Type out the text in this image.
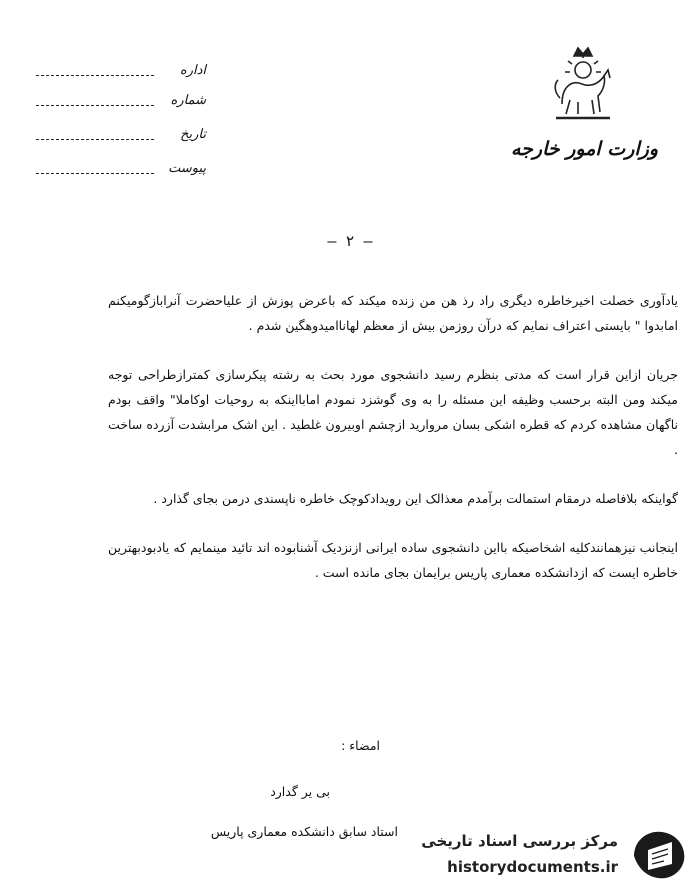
اداره
شماره
تاریخ
پیوست
وزارت امور خارجه
— ۲ —

یادآوری خصلت اخیرخاطره دیگری راد رذ هن من زنده میکند که باعرض پوزش از علیاحضرت آنرابازگومیکنم امابدوا " بایستی اعتراف نمایم که درآن روزمن بیش از معظم لهاناامیدوهگین شدم .

جریان ازاین قرار است که مدتی بنظرم رسید دانشجوی مورد بحث به رشته پیکرسازی کمترازطراحی توجه میکند ومن البته برحسب وظیفه این مسئله را به وی گوشزد نمودم امابااینکه به روحیات اوکاملا" واقف بودم ناگهان مشاهده کردم که قطره اشکی بسان مروارید ازچشم اوبیرون غلطید . این اشک مرابشدت آزرده ساخت .

گواینکه بلافاصله درمقام استمالت برآمدم معذالک این رویدادکوچک خاطره ناپسندی درمن بجای گذارد .

اینجانب نیزهمانندکلیه اشخاصیکه بااین دانشجوی ساده ایرانی ازنزدیک آشنابوده اند تائید مینمایم که یادبودبهترین خاطره ایست که ازدانشکده معماری پاریس برایمان بجای مانده است .

امضاء :
بی یر گدارد
استاد سابق دانشکده معماری پاریس
مرکز بررسی اسناد تاریخی
historydocuments.ir
